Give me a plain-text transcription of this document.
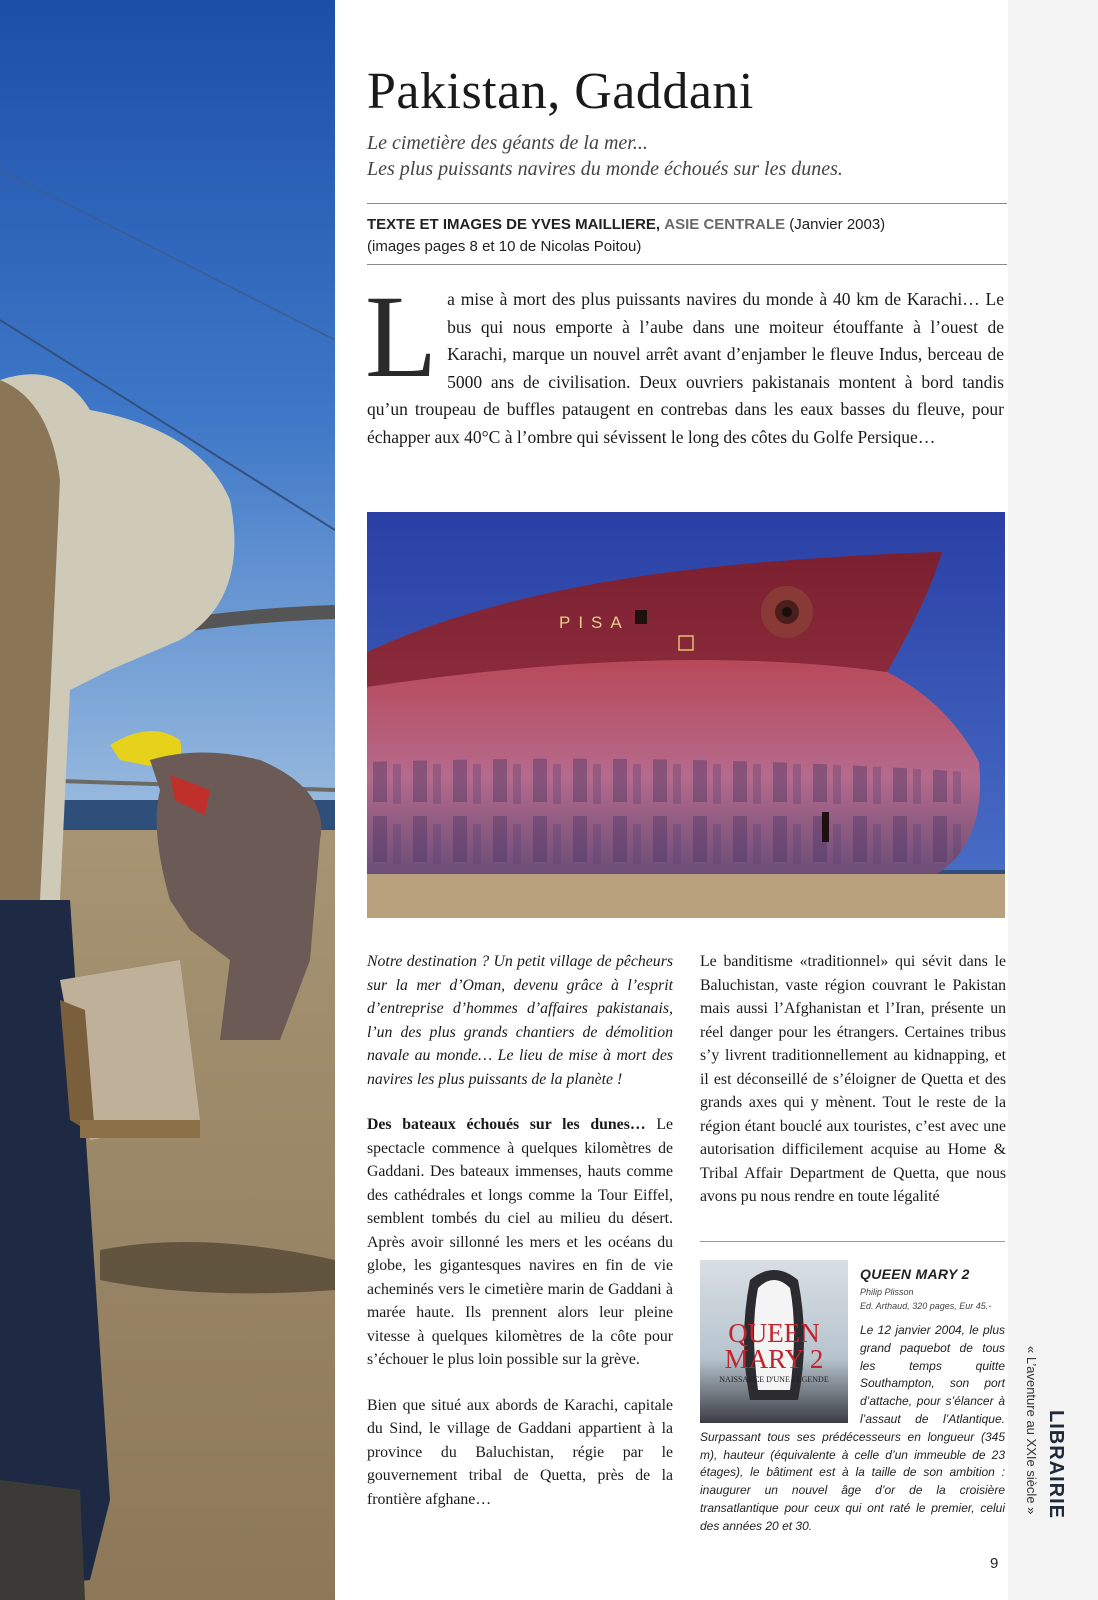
« L’aventure au XXIe siècle » LIBRAIRIE
Pakistan, Gaddani
Le cimetière des géants de la mer...
Les plus puissants navires du monde échoués sur les dunes.
TEXTE ET IMAGES DE YVES MAILLIERE, ASIE CENTRALE (Janvier 2003)
(images pages 8 et 10 de Nicolas Poitou)
L a mise à mort des plus puissants navires du monde à 40 km de Karachi… Le bus qui nous emporte à l’aube dans une moiteur étouffante à l’ouest de Karachi, marque un nouvel arrêt avant d’enjamber le fleuve Indus, berceau de 5000 ans de civilisation. Deux ouvriers pakistanais montent à bord tandis qu’un troupeau de buffles pataugent en contrebas dans les eaux basses du fleuve, pour échapper aux 40°C à l’ombre qui sévissent le long des côtes du Golfe Persique…
PISA

Notre destination ? Un petit village de pêcheurs sur la mer d’Oman, devenu grâce à l’esprit d’entreprise d’hommes d’affaires pakistanais, l’un des plus grands chantiers de démolition navale au monde… Le lieu de mise à mort des navires les plus puissants de la planète !

Des bateaux échoués sur les dunes… Le spectacle commence à quelques kilomètres de Gaddani. Des bateaux immenses, hauts comme des cathédrales et longs comme la Tour Eiffel, semblent tombés du ciel au milieu du désert. Après avoir sillonné les mers et les océans du globe, les gigantesques navires en fin de vie acheminés vers le cimetière marin de Gaddani à marée haute. Ils prennent alors leur pleine vitesse à quelques kilomètres de la côte pour s’échouer le plus loin possible sur la grève.

Bien que situé aux abords de Karachi, capitale du Sind, le village de Gaddani appartient à la province du Baluchistan, régie par le gouvernement tribal de Quetta, près de la frontière afghane…

Le banditisme «traditionnel» qui sévit dans le Baluchistan, vaste région couvrant le Pakistan mais aussi l’Afghanistan et l’Iran, présente un réel danger pour les étrangers. Certaines tribus s’y livrent traditionnellement au kidnapping, et il est déconseillé de s’éloigner de Quetta et des grands axes qui y mènent. Tout le reste de la région étant bouclé aux touristes, c’est avec une autorisation difficilement acquise au Home & Tribal Affair Department de Quetta, que nous avons pu nous rendre en toute légalité

QUEEN
MARY 2
NAISSANCE D'UNE LÉGENDE
QUEEN MARY 2
Philip Plisson
Ed. Arthaud, 320 pages, Eur 45.-
Le 12 janvier 2004, le plus grand paquebot de tous les temps quitte Southampton, son port d’attache, pour s’élancer à l’assaut de l’Atlantique. Surpassant tous ses prédécesseurs en longueur (345 m), hauteur (équivalente à celle d’un immeuble de 23 étages), le bâtiment est à la taille de son ambition : inaugurer un nouvel âge d’or de la croisière transatlantique pour ceux qui ont raté le premier, celui des années 20 et 30.
9
